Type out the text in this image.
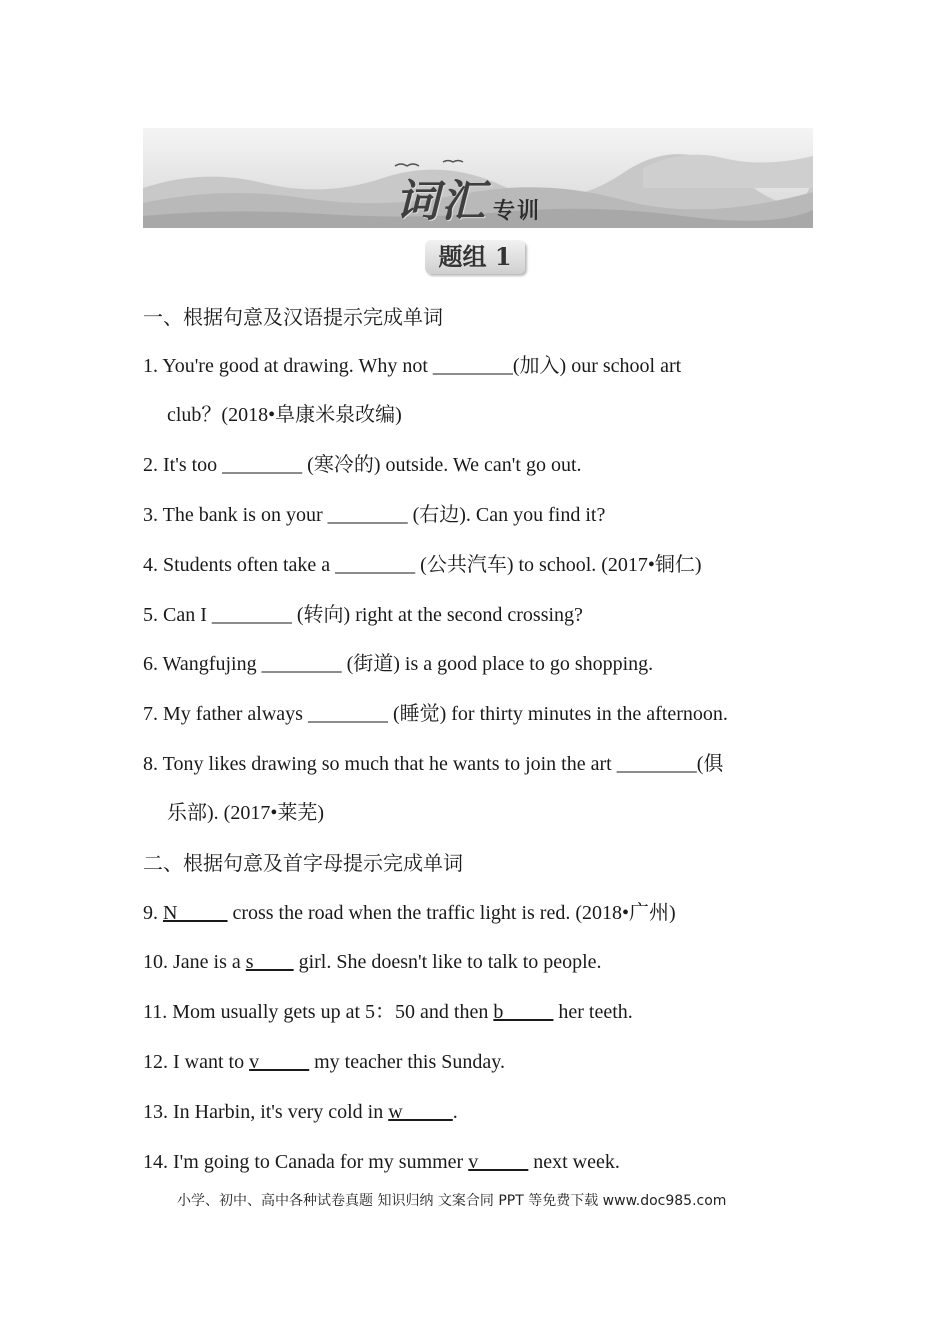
词汇 专训
题组 1
一、根据句意及汉语提示完成单词
1. You're good at drawing. Why not ________(加入) our school art
club？(2018•阜康米泉改编)
2. It's too ________ (寒冷的) outside. We can't go out.
3. The bank is on your ________ (右边). Can you find it?
4. Students often take a ________ (公共汽车) to school. (2017•铜仁)
5. Can I ________ (转向) right at the second crossing?
6. Wangfujing ________ (街道) is a good place to go shopping.
7. My father always ________ (睡觉) for thirty minutes in the afternoon.
8. Tony likes drawing so much that he wants to join the art ________(俱
乐部). (2017•莱芜)
二、根据句意及首字母提示完成单词
9. N_____ cross the road when the traffic light is red. (2018•广州)
10. Jane is a s____ girl. She doesn't like to talk to people.
11. Mom usually gets up at 5：50 and then b_____ her teeth.
12. I want to v_____ my teacher this Sunday.
13. In Harbin, it's very cold in w_____.
14. I'm going to Canada for my summer v_____ next week.
小学、初中、高中各种试卷真题 知识归纳 文案合同 PPT 等免费下载 www.doc985.com
